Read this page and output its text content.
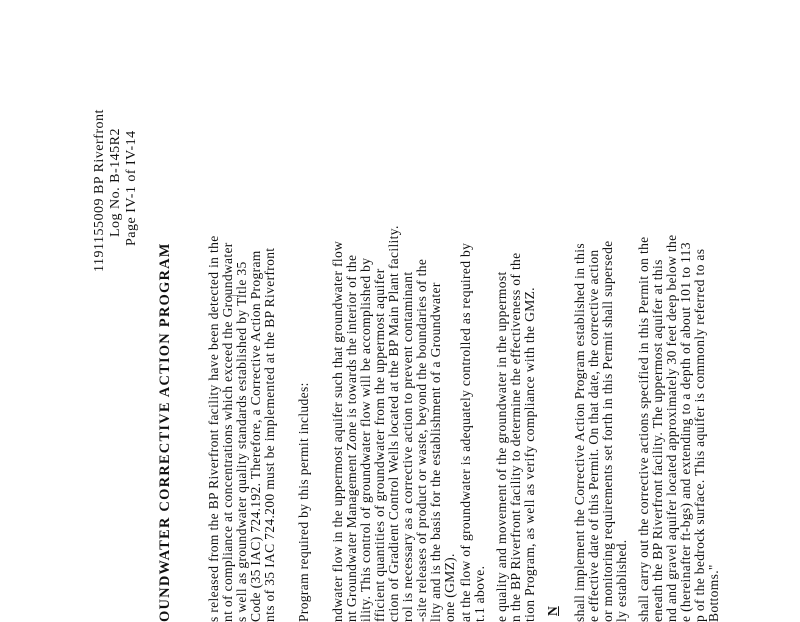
1191155009 BP Riverfront Log No. B-145R2 Page IV-1 of IV-14
OUNDWATER CORRECTIVE ACTION PROGRAM s released from the BP Riverfront facility have been detected in the nt of compliance at concentrations which exceed the Groundwater s well as groundwater quality standards established by Title 35 Code (35 IAC) 724.192. Therefore, a Corrective Action Program nts of 35 IAC 724.200 must be implemented at the BP Riverfront Program required by this permit includes: ndwater flow in the uppermost aquifer such that groundwater flow nt Groundwater Management Zone is towards the interior of the ility. This control of groundwater flow will be accomplished by fficient quantities of groundwater from the uppermost aquifer ction of Gradient Control Wells located at the BP Main Plant facility. rol is necessary as a corrective action to prevent contaminant -site releases of product or waste, beyond the boundaries of the lity and is the basis for the establishment of a Groundwater one (GMZ). at the flow of groundwater is adequately controlled as required by t.1 above. e quality and movement of the groundwater in the uppermost n the BP Riverfront facility to determine the effectiveness of the tion Program, as well as verify compliance with the GMZ. N shall implement the Corrective Action Program established in this e effective date of this Permit. On that date, the corrective action or monitoring requirements set forth in this Permit shall supersede ly established. shall carry out the corrective actions specified in this Permit on the eneath the BP Riverfront facility. The uppermost aquifer at this nd and gravel aquifer located approximately 30 feet deep below the e (hereinafter ft-bgs) and extending to a depth of about 101 to 113 p of the bedrock surface. This aquifer is commonly referred to as Bottoms."
